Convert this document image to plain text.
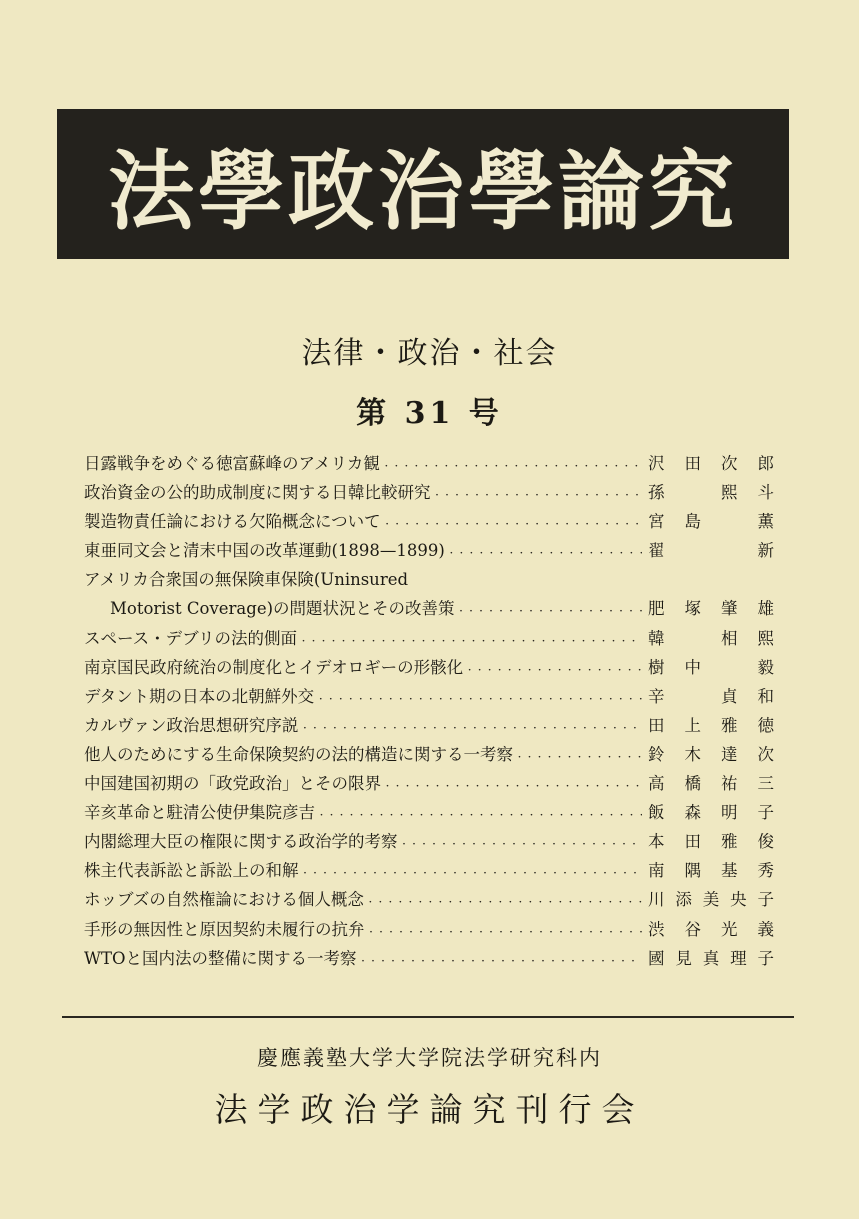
法學政治學論究
法律・政治・社会
第 31 号
日露戦争をめぐる徳富蘇峰のアメリカ観 ・・・・・・・・・・・・・・・・・・・・・・・・・・・・・・・・・・・・・・・・・・・・・・・・・・・・・・・・・・・・・・・・・・	沢田次郎
政治資金の公的助成制度に関する日韓比較研究 ・・・・・・・・・・・・・・・・・・・・・・・・・・・・・・・・・・・・・・・・・・・・・・・・・・・・・・・・・・・・・・・・・・	孫　熙斗
製造物責任論における欠陥概念について ・・・・・・・・・・・・・・・・・・・・・・・・・・・・・・・・・・・・・・・・・・・・・・・・・・・・・・・・・・・・・・・・・・	宮島　薫
東亜同文会と清末中国の改革運動(1898—1899) ・・・・・・・・・・・・・・・・・・・・・・・・・・・・・・・・・・・・・・・・・・・・・・・・・・・・・・・・・・・・・・・・・・	翟　　新
アメリカ合衆国の無保険車保険(Uninsured
Motorist Coverage)の問題状況とその改善策 ・・・・・・・・・・・・・・・・・・・・・・・・・・・・・・・・・・・・・・・・・・・・・・・・・・・・・・・・・・・・・・・・・・	肥塚肇雄
スペース・デブリの法的側面 ・・・・・・・・・・・・・・・・・・・・・・・・・・・・・・・・・・・・・・・・・・・・・・・・・・・・・・・・・・・・・・・・・・	韓　相熙
南京国民政府統治の制度化とイデオロギーの形骸化 ・・・・・・・・・・・・・・・・・・・・・・・・・・・・・・・・・・・・・・・・・・・・・・・・・・・・・・・・・・・・・・・・・・	樹中　毅
デタント期の日本の北朝鮮外交 ・・・・・・・・・・・・・・・・・・・・・・・・・・・・・・・・・・・・・・・・・・・・・・・・・・・・・・・・・・・・・・・・・・	辛　貞和
カルヴァン政治思想研究序説 ・・・・・・・・・・・・・・・・・・・・・・・・・・・・・・・・・・・・・・・・・・・・・・・・・・・・・・・・・・・・・・・・・・	田上雅徳
他人のためにする生命保険契約の法的構造に関する一考察 ・・・・・・・・・・・・・・・・・・・・・・・・・・・・・・・・・・・・・・・・・・・・・・・・・・・・・・・・・・・・・・・・・・	鈴木達次
中国建国初期の「政党政治」とその限界 ・・・・・・・・・・・・・・・・・・・・・・・・・・・・・・・・・・・・・・・・・・・・・・・・・・・・・・・・・・・・・・・・・・	高橋祐三
辛亥革命と駐清公使伊集院彦吉 ・・・・・・・・・・・・・・・・・・・・・・・・・・・・・・・・・・・・・・・・・・・・・・・・・・・・・・・・・・・・・・・・・・	飯森明子
内閣総理大臣の権限に関する政治学的考察 ・・・・・・・・・・・・・・・・・・・・・・・・・・・・・・・・・・・・・・・・・・・・・・・・・・・・・・・・・・・・・・・・・・	本田雅俊
株主代表訴訟と訴訟上の和解 ・・・・・・・・・・・・・・・・・・・・・・・・・・・・・・・・・・・・・・・・・・・・・・・・・・・・・・・・・・・・・・・・・・	南隅基秀
ホッブズの自然権論における個人概念 ・・・・・・・・・・・・・・・・・・・・・・・・・・・・・・・・・・・・・・・・・・・・・・・・・・・・・・・・・・・・・・・・・・	川添美央子
手形の無因性と原因契約未履行の抗弁 ・・・・・・・・・・・・・・・・・・・・・・・・・・・・・・・・・・・・・・・・・・・・・・・・・・・・・・・・・・・・・・・・・・	渋谷光義
WTOと国内法の整備に関する一考察 ・・・・・・・・・・・・・・・・・・・・・・・・・・・・・・・・・・・・・・・・・・・・・・・・・・・・・・・・・・・・・・・・・・	國見真理子
慶應義塾大学大学院法学研究科内
法学政治学論究刊行会
